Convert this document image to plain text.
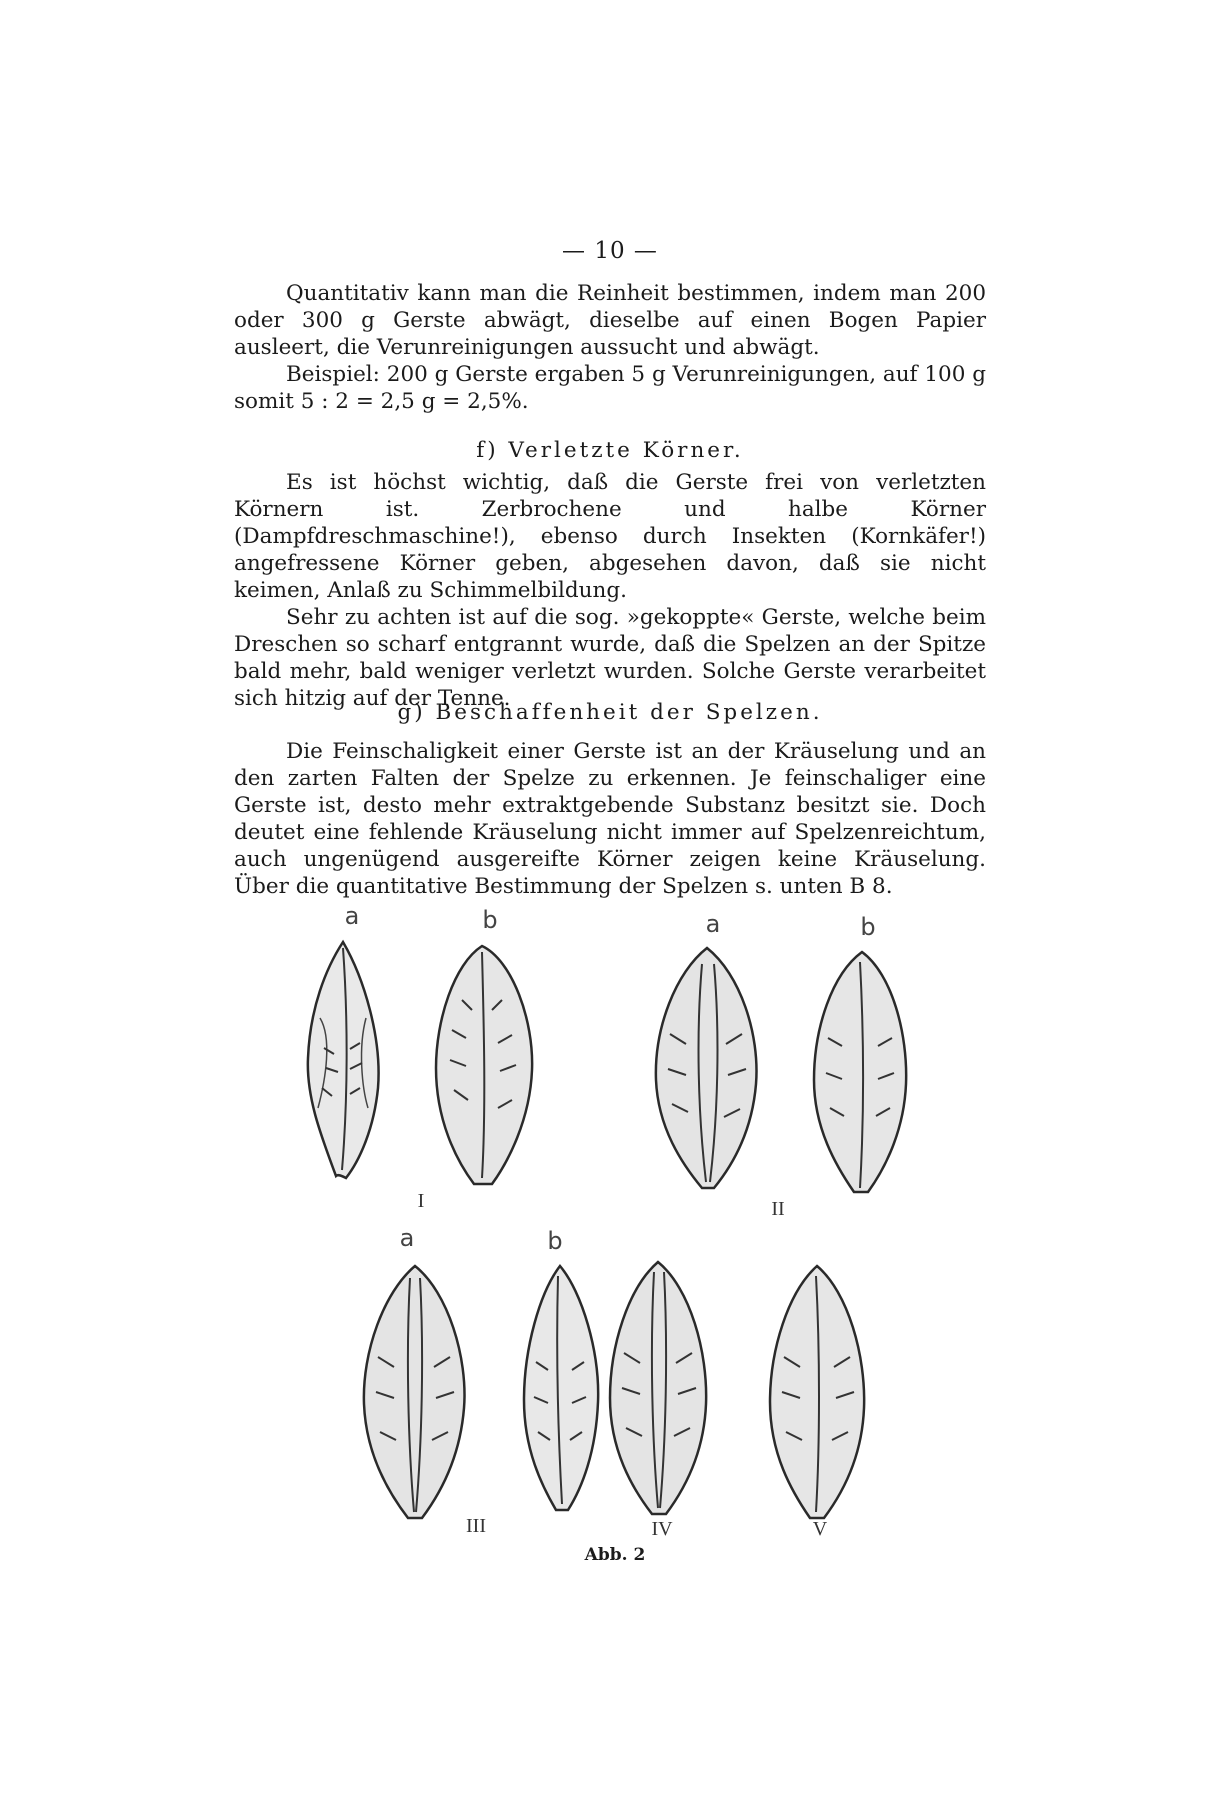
— 10 —

Quantitativ kann man die Reinheit bestimmen, indem man 200 oder 300 g Gerste abwägt, dieselbe auf einen Bogen Papier ausleert, die Verunreinigungen aussucht und abwägt.

Beispiel: 200 g Gerste ergaben 5 g Verunreinigungen, auf 100 g somit 5 : 2 = 2,5 g = 2,5%.

f) Verletzte Körner.

Es ist höchst wichtig, daß die Gerste frei von verletzten Körnern ist. Zerbrochene und halbe Körner (Dampfdreschmaschine!), ebenso durch Insekten (Kornkäfer!) angefressene Körner geben, abgesehen davon, daß sie nicht keimen, Anlaß zu Schimmelbildung.

Sehr zu achten ist auf die sog. »gekoppte« Gerste, welche beim Dreschen so scharf entgrannt wurde, daß die Spelzen an der Spitze bald mehr, bald weniger verletzt wurden. Solche Gerste verarbeitet sich hitzig auf der Tenne.

g) Beschaffenheit der Spelzen.

Die Feinschaligkeit einer Gerste ist an der Kräuselung und an den zarten Falten der Spelze zu erkennen. Je feinschaliger eine Gerste ist, desto mehr extraktgebende Substanz besitzt sie. Doch deutet eine fehlende Kräuselung nicht immer auf Spelzenreichtum, auch ungenügend ausgereifte Körner zeigen keine Kräuselung. Über die quantitative Bestimmung der Spelzen s. unten B 8.

a	b	a	b
I	II
a	b
III	IV	V
Abb. 2
